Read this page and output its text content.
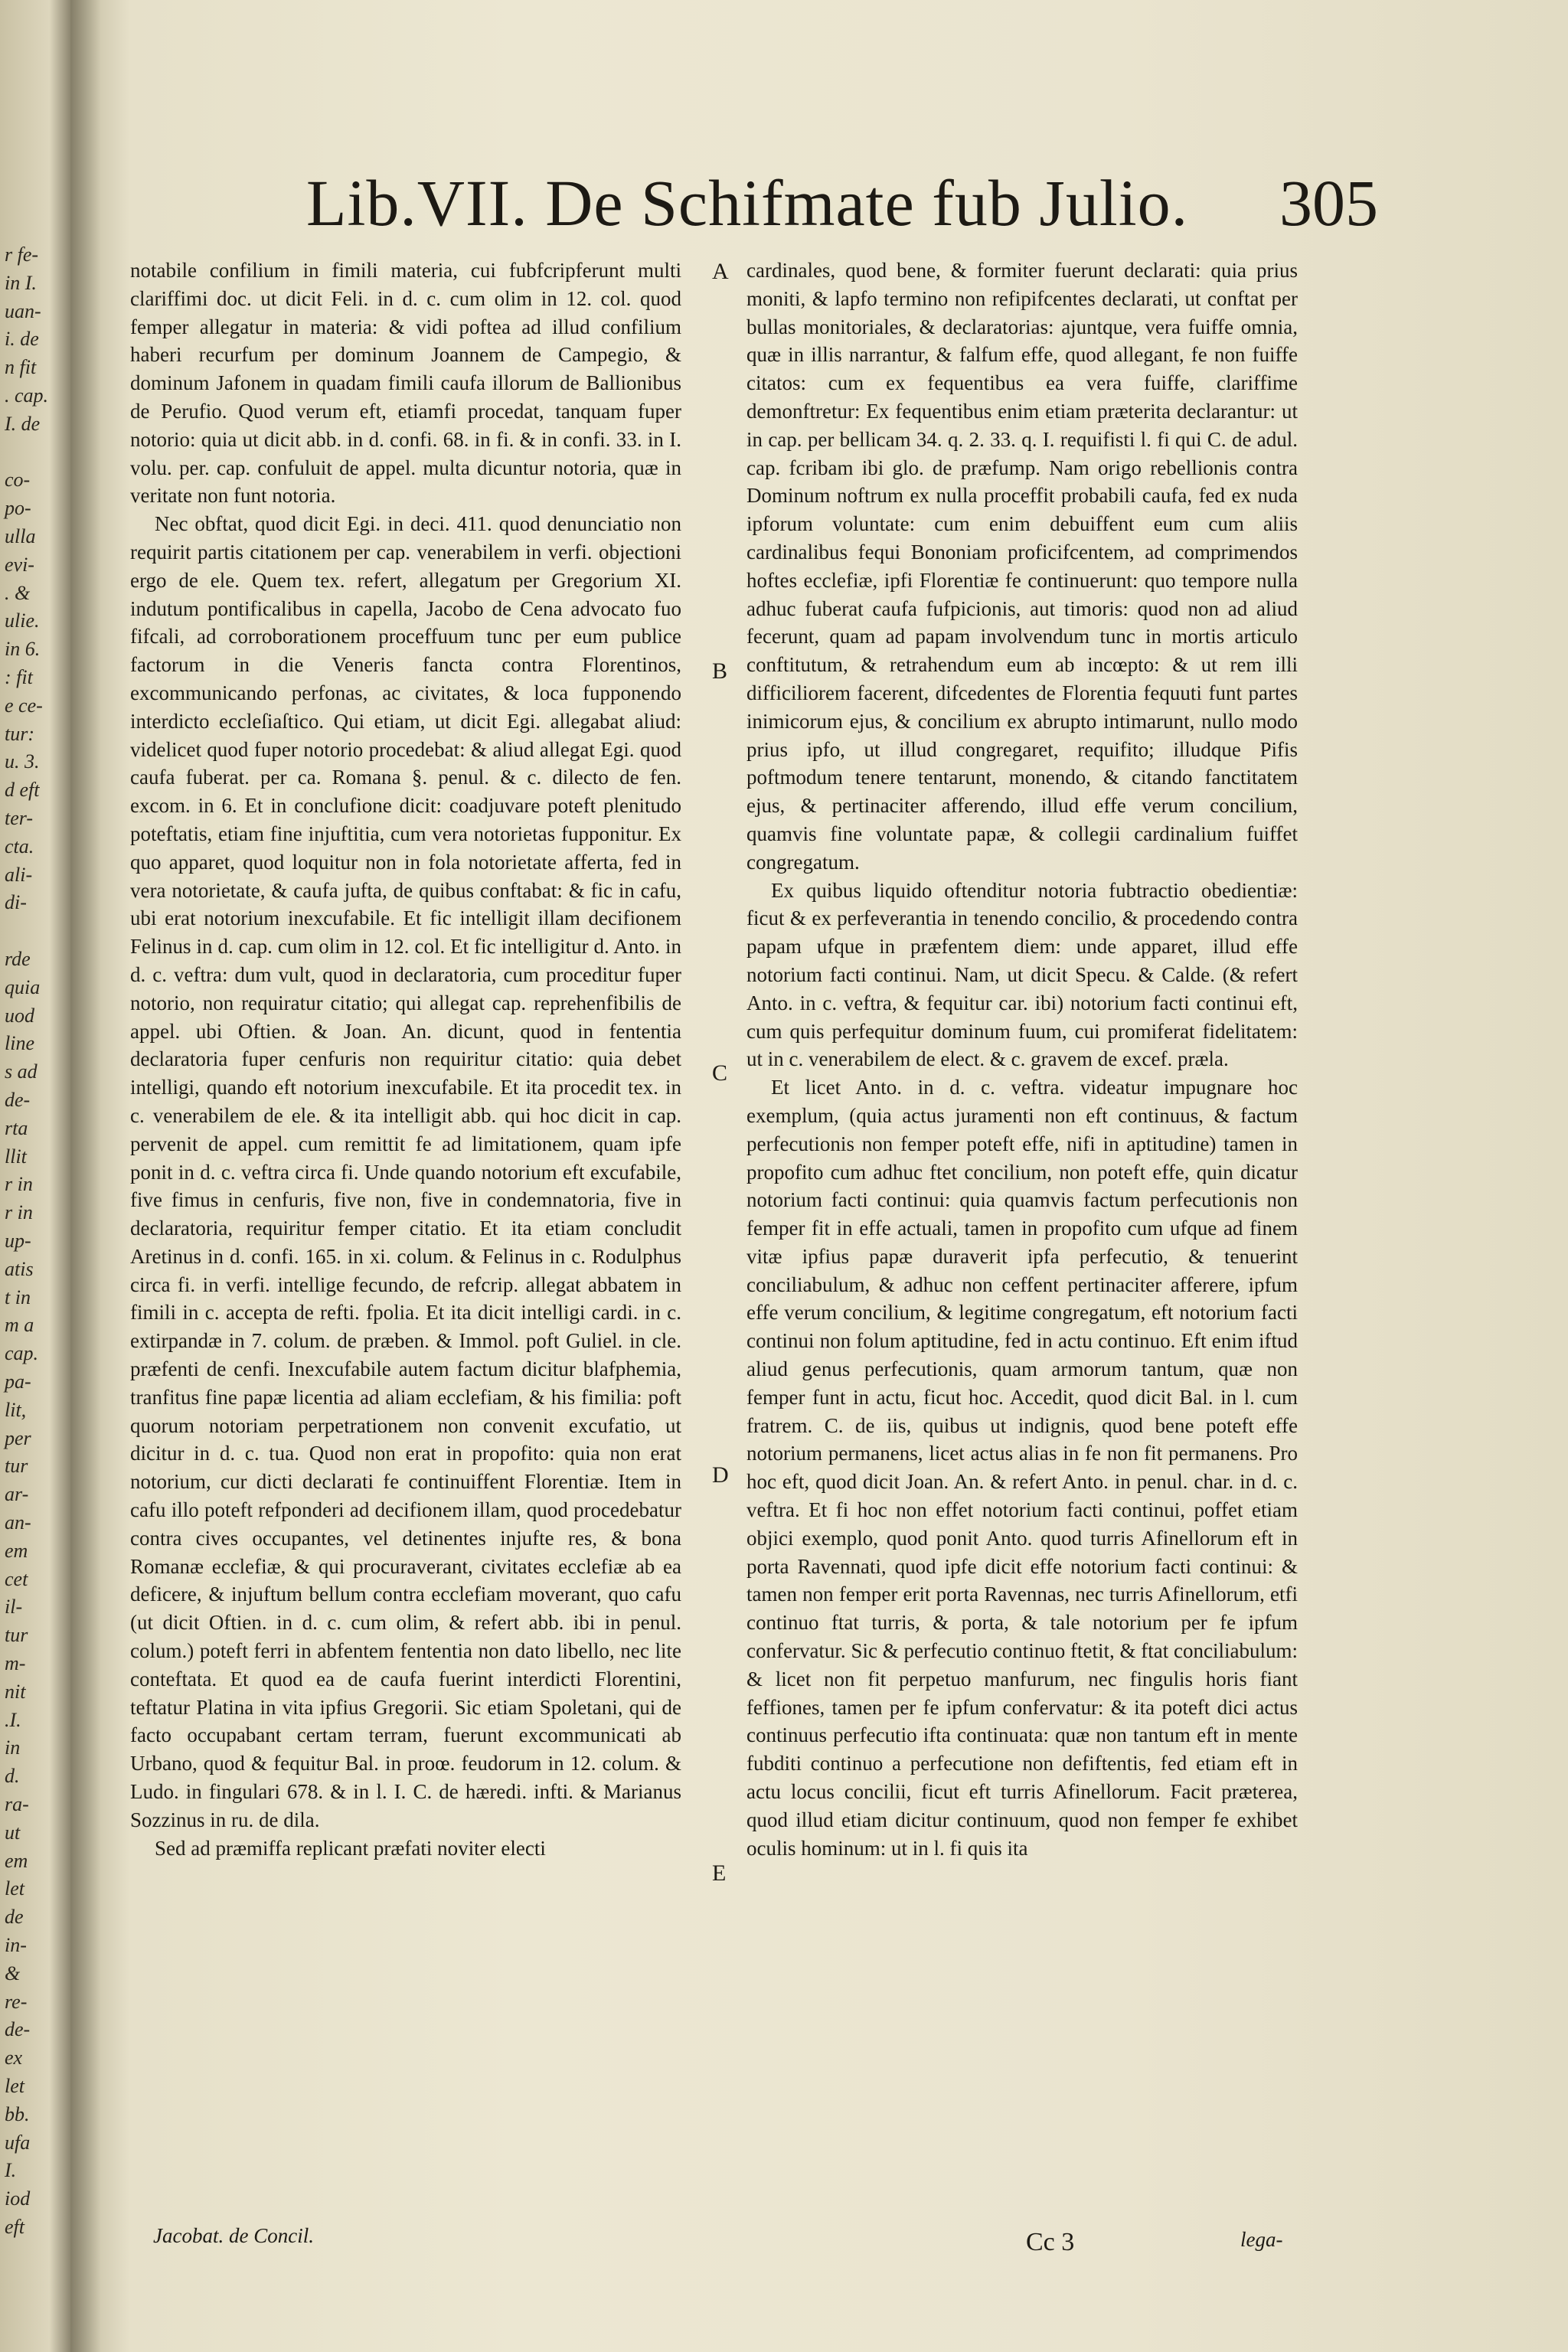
r fe-
in I.
uan-
i. de
n fit
. cap.
I. de
co-
po-
ulla
evi-
. &
ulie.
in 6.
: fit
e ce-
tur:
u. 3.
d eft
ter-
cta.
ali-
di-
rde
quia
uod
line
s ad
de-
rta
llit
r in
r in
up-
atis
t in
m a
cap.
pa-
lit,
per
tur
ar-
an-
em
cet
il-
tur
m-
nit
.I.
in
d.
ra-
ut
em
let
de
in-
&
re-
de-
ex
let
bb.
ufa
I.
iod
eft
Lib.VII. De Schifmate fub Julio. 305

notabile confilium in fimili materia, cui fubfcripferunt multi clariffimi doc. ut dicit Feli. in d. c. cum olim in 12. col. quod femper allegatur in materia: & vidi poftea ad illud confilium haberi recurfum per dominum Joannem de Campegio, & dominum Jafonem in quadam fimili caufa illorum de Ballionibus de Perufio. Quod verum eft, etiamfi procedat, tanquam fuper notorio: quia ut dicit abb. in d. confi. 68. in fi. & in confi. 33. in I. volu. per. cap. confuluit de appel. multa dicuntur notoria, quæ in veritate non funt notoria.

Nec obftat, quod dicit Egi. in deci. 411. quod denunciatio non requirit partis citationem per cap. venerabilem in verfi. objectioni ergo de ele. Quem tex. refert, allegatum per Gregorium XI. indutum pontificalibus in capella, Jacobo de Cena advocato fuo fifcali, ad corroborationem proceffuum tunc per eum publice factorum in die Veneris fancta contra Florentinos, excommunicando perfonas, ac civitates, & loca fupponendo interdicto eccleſiaſtico. Qui etiam, ut dicit Egi. allegabat aliud: videlicet quod fuper notorio procedebat: & aliud allegat Egi. quod caufa fuberat. per ca. Romana §. penul. & c. dilecto de fen. excom. in 6. Et in conclufione dicit: coadjuvare poteft plenitudo poteftatis, etiam fine injuftitia, cum vera notorietas fupponitur. Ex quo apparet, quod loquitur non in fola notorietate afferta, fed in vera notorietate, & caufa jufta, de quibus conftabat: & fic in cafu, ubi erat notorium inexcufabile. Et fic intelligit illam decifionem Felinus in d. cap. cum olim in 12. col. Et fic intelligitur d. Anto. in d. c. veftra: dum vult, quod in declaratoria, cum proceditur fuper notorio, non requiratur citatio; qui allegat cap. reprehenfibilis de appel. ubi Oftien. & Joan. An. dicunt, quod in fententia declaratoria fuper cenfuris non requiritur citatio: quia debet intelligi, quando eft notorium inexcufabile. Et ita procedit tex. in c. venerabilem de ele. & ita intelligit abb. qui hoc dicit in cap. pervenit de appel. cum remittit fe ad limitationem, quam ipfe ponit in d. c. veftra circa fi. Unde quando notorium eft excufabile, five fimus in cenfuris, five non, five in condemnatoria, five in declaratoria, requiritur femper citatio. Et ita etiam concludit Aretinus in d. confi. 165. in xi. colum. & Felinus in c. Rodulphus circa fi. in verfi. intellige fecundo, de refcrip. allegat abbatem in fimili in c. accepta de refti. fpolia. Et ita dicit intelligi cardi. in c. extirpandæ in 7. colum. de præben. & Immol. poft Guliel. in cle. præfenti de cenfi. Inexcufabile autem factum dicitur blafphemia, tranfitus fine papæ licentia ad aliam ecclefiam, & his fimilia: poft quorum notoriam perpetrationem non convenit excufatio, ut dicitur in d. c. tua. Quod non erat in propofito: quia non erat notorium, cur dicti declarati fe continuiffent Florentiæ. Item in cafu illo poteft refponderi ad decifionem illam, quod procedebatur contra cives occupantes, vel detinentes injufte res, & bona Romanæ ecclefiæ, & qui procuraverant, civitates ecclefiæ ab ea deficere, & injuftum bellum contra ecclefiam moverant, quo cafu (ut dicit Oftien. in d. c. cum olim, & refert abb. ibi in penul. colum.) poteft ferri in abfentem fententia non dato libello, nec lite conteftata. Et quod ea de caufa fuerint interdicti Florentini, teftatur Platina in vita ipfius Gregorii. Sic etiam Spoletani, qui de facto occupabant certam terram, fuerunt excommunicati ab Urbano, quod & fequitur Bal. in proœ. feudorum in 12. colum. & Ludo. in fingulari 678. & in l. I. C. de hæredi. infti. & Marianus Sozzinus in ru. de dila.

Sed ad præmiffa replicant præfati noviter electi

cardinales, quod bene, & formiter fuerunt declarati: quia prius moniti, & lapfo termino non refipifcentes declarati, ut conftat per bullas monitoriales, & declaratorias: ajuntque, vera fuiffe omnia, quæ in illis narrantur, & falfum effe, quod allegant, fe non fuiffe citatos: cum ex fequentibus ea vera fuiffe, clariffime demonftretur: Ex fequentibus enim etiam præterita declarantur: ut in cap. per bellicam 34. q. 2. 33. q. I. requifisti l. fi qui C. de adul. cap. fcribam ibi glo. de præfump. Nam origo rebellionis contra Dominum noftrum ex nulla proceffit probabili caufa, fed ex nuda ipforum voluntate: cum enim debuiffent eum cum aliis cardinalibus fequi Bononiam proficifcentem, ad comprimendos hoftes ecclefiæ, ipfi Florentiæ fe continuerunt: quo tempore nulla adhuc fuberat caufa fufpicionis, aut timoris: quod non ad aliud fecerunt, quam ad papam involvendum tunc in mortis articulo conftitutum, & retrahendum eum ab incœpto: & ut rem illi difficiliorem facerent, difcedentes de Florentia fequuti funt partes inimicorum ejus, & concilium ex abrupto intimarunt, nullo modo prius ipfo, ut illud congregaret, requifito; illudque Pifis poftmodum tenere tentarunt, monendo, & citando fanctitatem ejus, & pertinaciter afferendo, illud effe verum concilium, quamvis fine voluntate papæ, & collegii cardinalium fuiffet congregatum.

Ex quibus liquido oftenditur notoria fubtractio obedientiæ: ficut & ex perfeverantia in tenendo concilio, & procedendo contra papam ufque in præfentem diem: unde apparet, illud effe notorium facti continui. Nam, ut dicit Specu. & Calde. (& refert Anto. in c. veftra, & fequitur car. ibi) notorium facti continui eft, cum quis perfequitur dominum fuum, cui promiferat fidelitatem: ut in c. venerabilem de elect. & c. gravem de excef. præla.

Et licet Anto. in d. c. veftra. videatur impugnare hoc exemplum, (quia actus juramenti non eft continuus, & factum perfecutionis non femper poteft effe, nifi in aptitudine) tamen in propofito cum adhuc ftet concilium, non poteft effe, quin dicatur notorium facti continui: quia quamvis factum perfecutionis non femper fit in effe actuali, tamen in propofito cum ufque ad finem vitæ ipfius papæ duraverit ipfa perfecutio, & tenuerint conciliabulum, & adhuc non ceffent pertinaciter afferere, ipfum effe verum concilium, & legitime congregatum, eft notorium facti continui non folum aptitudine, fed in actu continuo. Eft enim iftud aliud genus perfecutionis, quam armorum tantum, quæ non femper funt in actu, ficut hoc. Accedit, quod dicit Bal. in l. cum fratrem. C. de iis, quibus ut indignis, quod bene poteft effe notorium permanens, licet actus alias in fe non fit permanens. Pro hoc eft, quod dicit Joan. An. & refert Anto. in penul. char. in d. c. veftra. Et fi hoc non effet notorium facti continui, poffet etiam objici exemplo, quod ponit Anto. quod turris Afinellorum eft in porta Ravennati, quod ipfe dicit effe notorium facti continui: & tamen non femper erit porta Ravennas, nec turris Afinellorum, etfi continuo ftat turris, & porta, & tale notorium per fe ipfum confervatur. Sic & perfecutio continuo ftetit, & ftat conciliabulum: & licet non fit perpetuo manfurum, nec fingulis horis fiant feffiones, tamen per fe ipfum confervatur: & ita poteft dici actus continuus perfecutio ifta continuata: quæ non tantum eft in mente fubditi continuo a perfecutione non defiftentis, fed etiam eft in actu locus concilii, ficut eft turris Afinellorum. Facit præterea, quod illud etiam dicitur continuum, quod non femper fe exhibet oculis hominum: ut in l. fi quis ita

A
B
C
D
E
Jacobat. de Concil.	Cc 3	lega-
